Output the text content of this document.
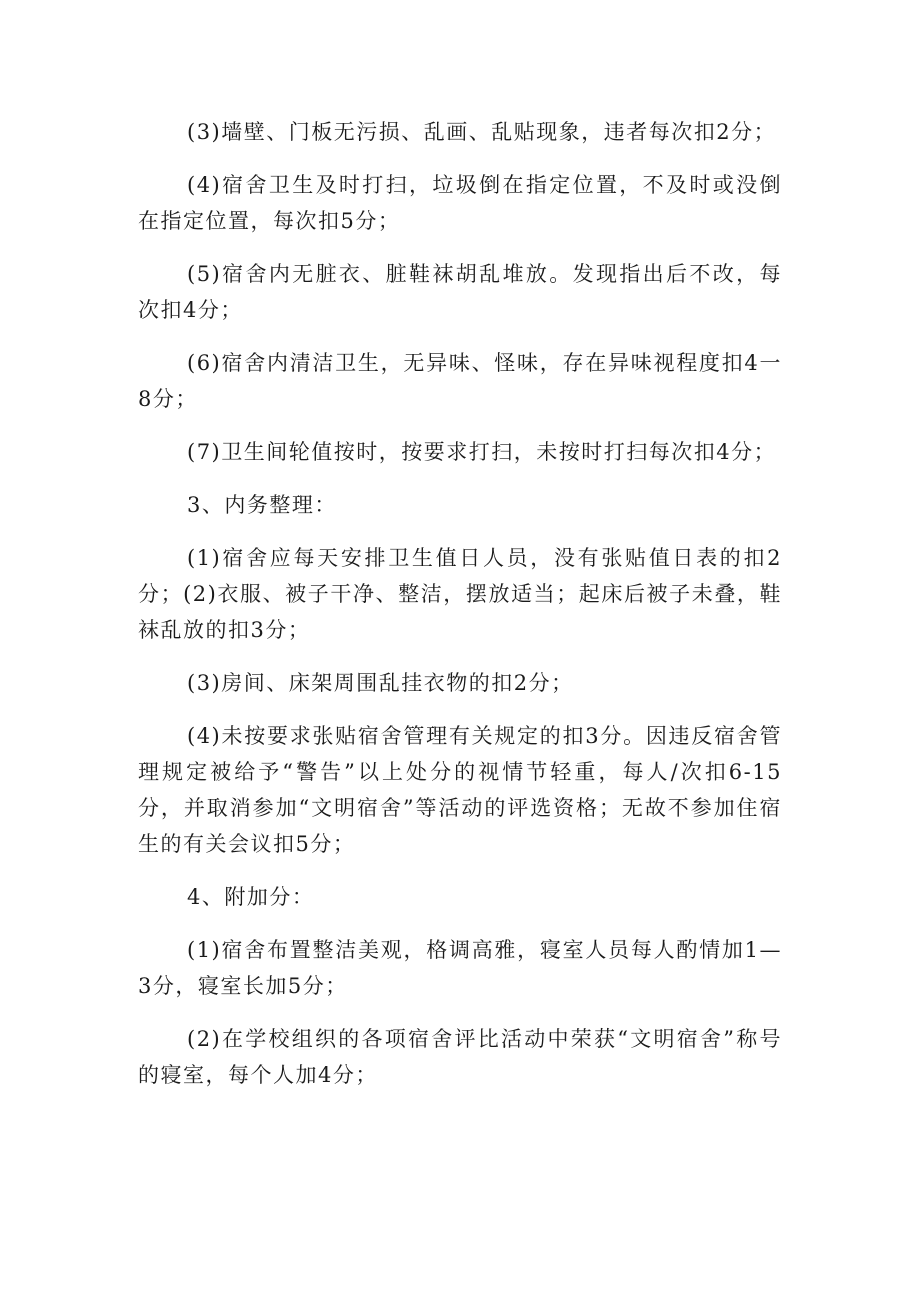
(3)墙壁、门板无污损、乱画、乱贴现象，违者每次扣2分；

(4)宿舍卫生及时打扫，垃圾倒在指定位置，不及时或没倒在指定位置，每次扣5分；

(5)宿舍内无脏衣、脏鞋袜胡乱堆放。发现指出后不改，每次扣4分；

(6)宿舍内清洁卫生，无异味、怪味，存在异味视程度扣4一8分；

(7)卫生间轮值按时，按要求打扫，未按时打扫每次扣4分；

3、内务整理：

(1)宿舍应每天安排卫生值日人员，没有张贴值日表的扣2分；(2)衣服、被子干净、整洁，摆放适当；起床后被子未叠，鞋袜乱放的扣3分；

(3)房间、床架周围乱挂衣物的扣2分；

(4)未按要求张贴宿舍管理有关规定的扣3分。因违反宿舍管理规定被给予“警告”以上处分的视情节轻重，每人/次扣6-15分，并取消参加“文明宿舍”等活动的评选资格；无故不参加住宿生的有关会议扣5分；

4、附加分：

(1)宿舍布置整洁美观，格调高雅，寝室人员每人酌情加1—3分，寝室长加5分；

(2)在学校组织的各项宿舍评比活动中荣获“文明宿舍”称号的寝室，每个人加4分；
